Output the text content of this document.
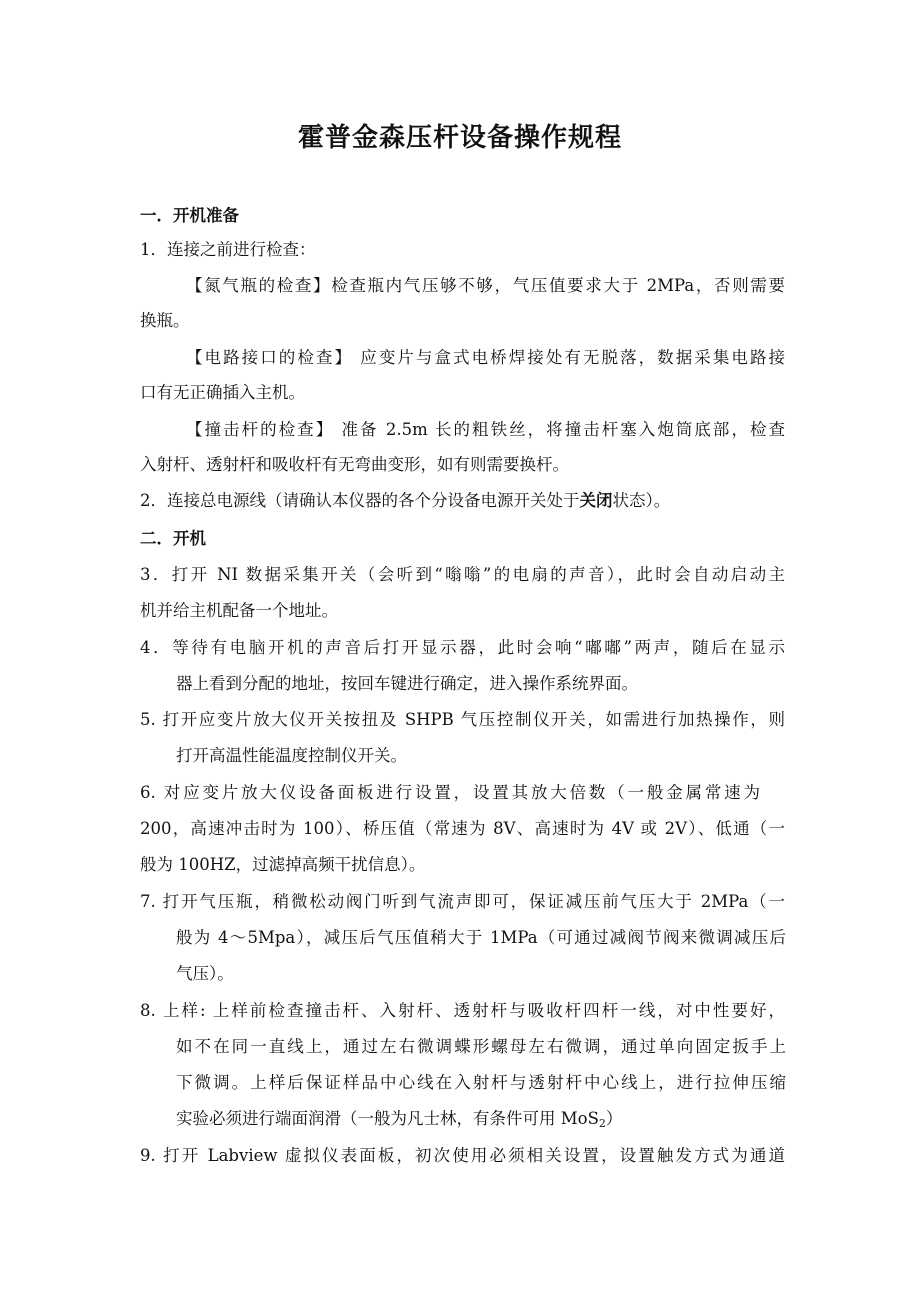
霍普金森压杆设备操作规程
一．开机准备
1．连接之前进行检查：
【氮气瓶的检查】检查瓶内气压够不够，气压值要求大于 2MPa，否则需要
换瓶。
【电路接口的检查】 应变片与盒式电桥焊接处有无脱落，数据采集电路接
口有无正确插入主机。
【撞击杆的检查】 准备 2.5m 长的粗铁丝，将撞击杆塞入炮筒底部，检查
入射杆、透射杆和吸收杆有无弯曲变形，如有则需要换杆。
2．连接总电源线（请确认本仪器的各个分设备电源开关处于关闭状态）。
二．开机
3．打开 NI 数据采集开关（会听到“嗡嗡”的电扇的声音），此时会自动启动主
机并给主机配备一个地址。
4．等待有电脑开机的声音后打开显示器，此时会响“嘟嘟”两声，随后在显示
器上看到分配的地址，按回车键进行确定，进入操作系统界面。
5. 打开应变片放大仪开关按扭及 SHPB 气压控制仪开关，如需进行加热操作，则
打开高温性能温度控制仪开关。
6. 对应变片放大仪设备面板进行设置，设置其放大倍数（一般金属常速为
200，高速冲击时为 100）、桥压值（常速为 8V、高速时为 4V 或 2V）、低通（一
般为 100HZ，过滤掉高频干扰信息）。
7. 打开气压瓶，稍微松动阀门听到气流声即可，保证减压前气压大于 2MPa（一
般为 4～5Mpa），减压后气压值稍大于 1MPa（可通过减阀节阀来微调减压后
气压）。
8. 上样: 上样前检查撞击杆、入射杆、透射杆与吸收杆四杆一线，对中性要好，
如不在同一直线上，通过左右微调蝶形螺母左右微调，通过单向固定扳手上
下微调。上样后保证样品中心线在入射杆与透射杆中心线上，进行拉伸压缩
实验必须进行端面润滑（一般为凡士林，有条件可用 MoS$_2$）
9. 打开 Labview 虚拟仪表面板，初次使用必须相关设置，设置触发方式为通道
